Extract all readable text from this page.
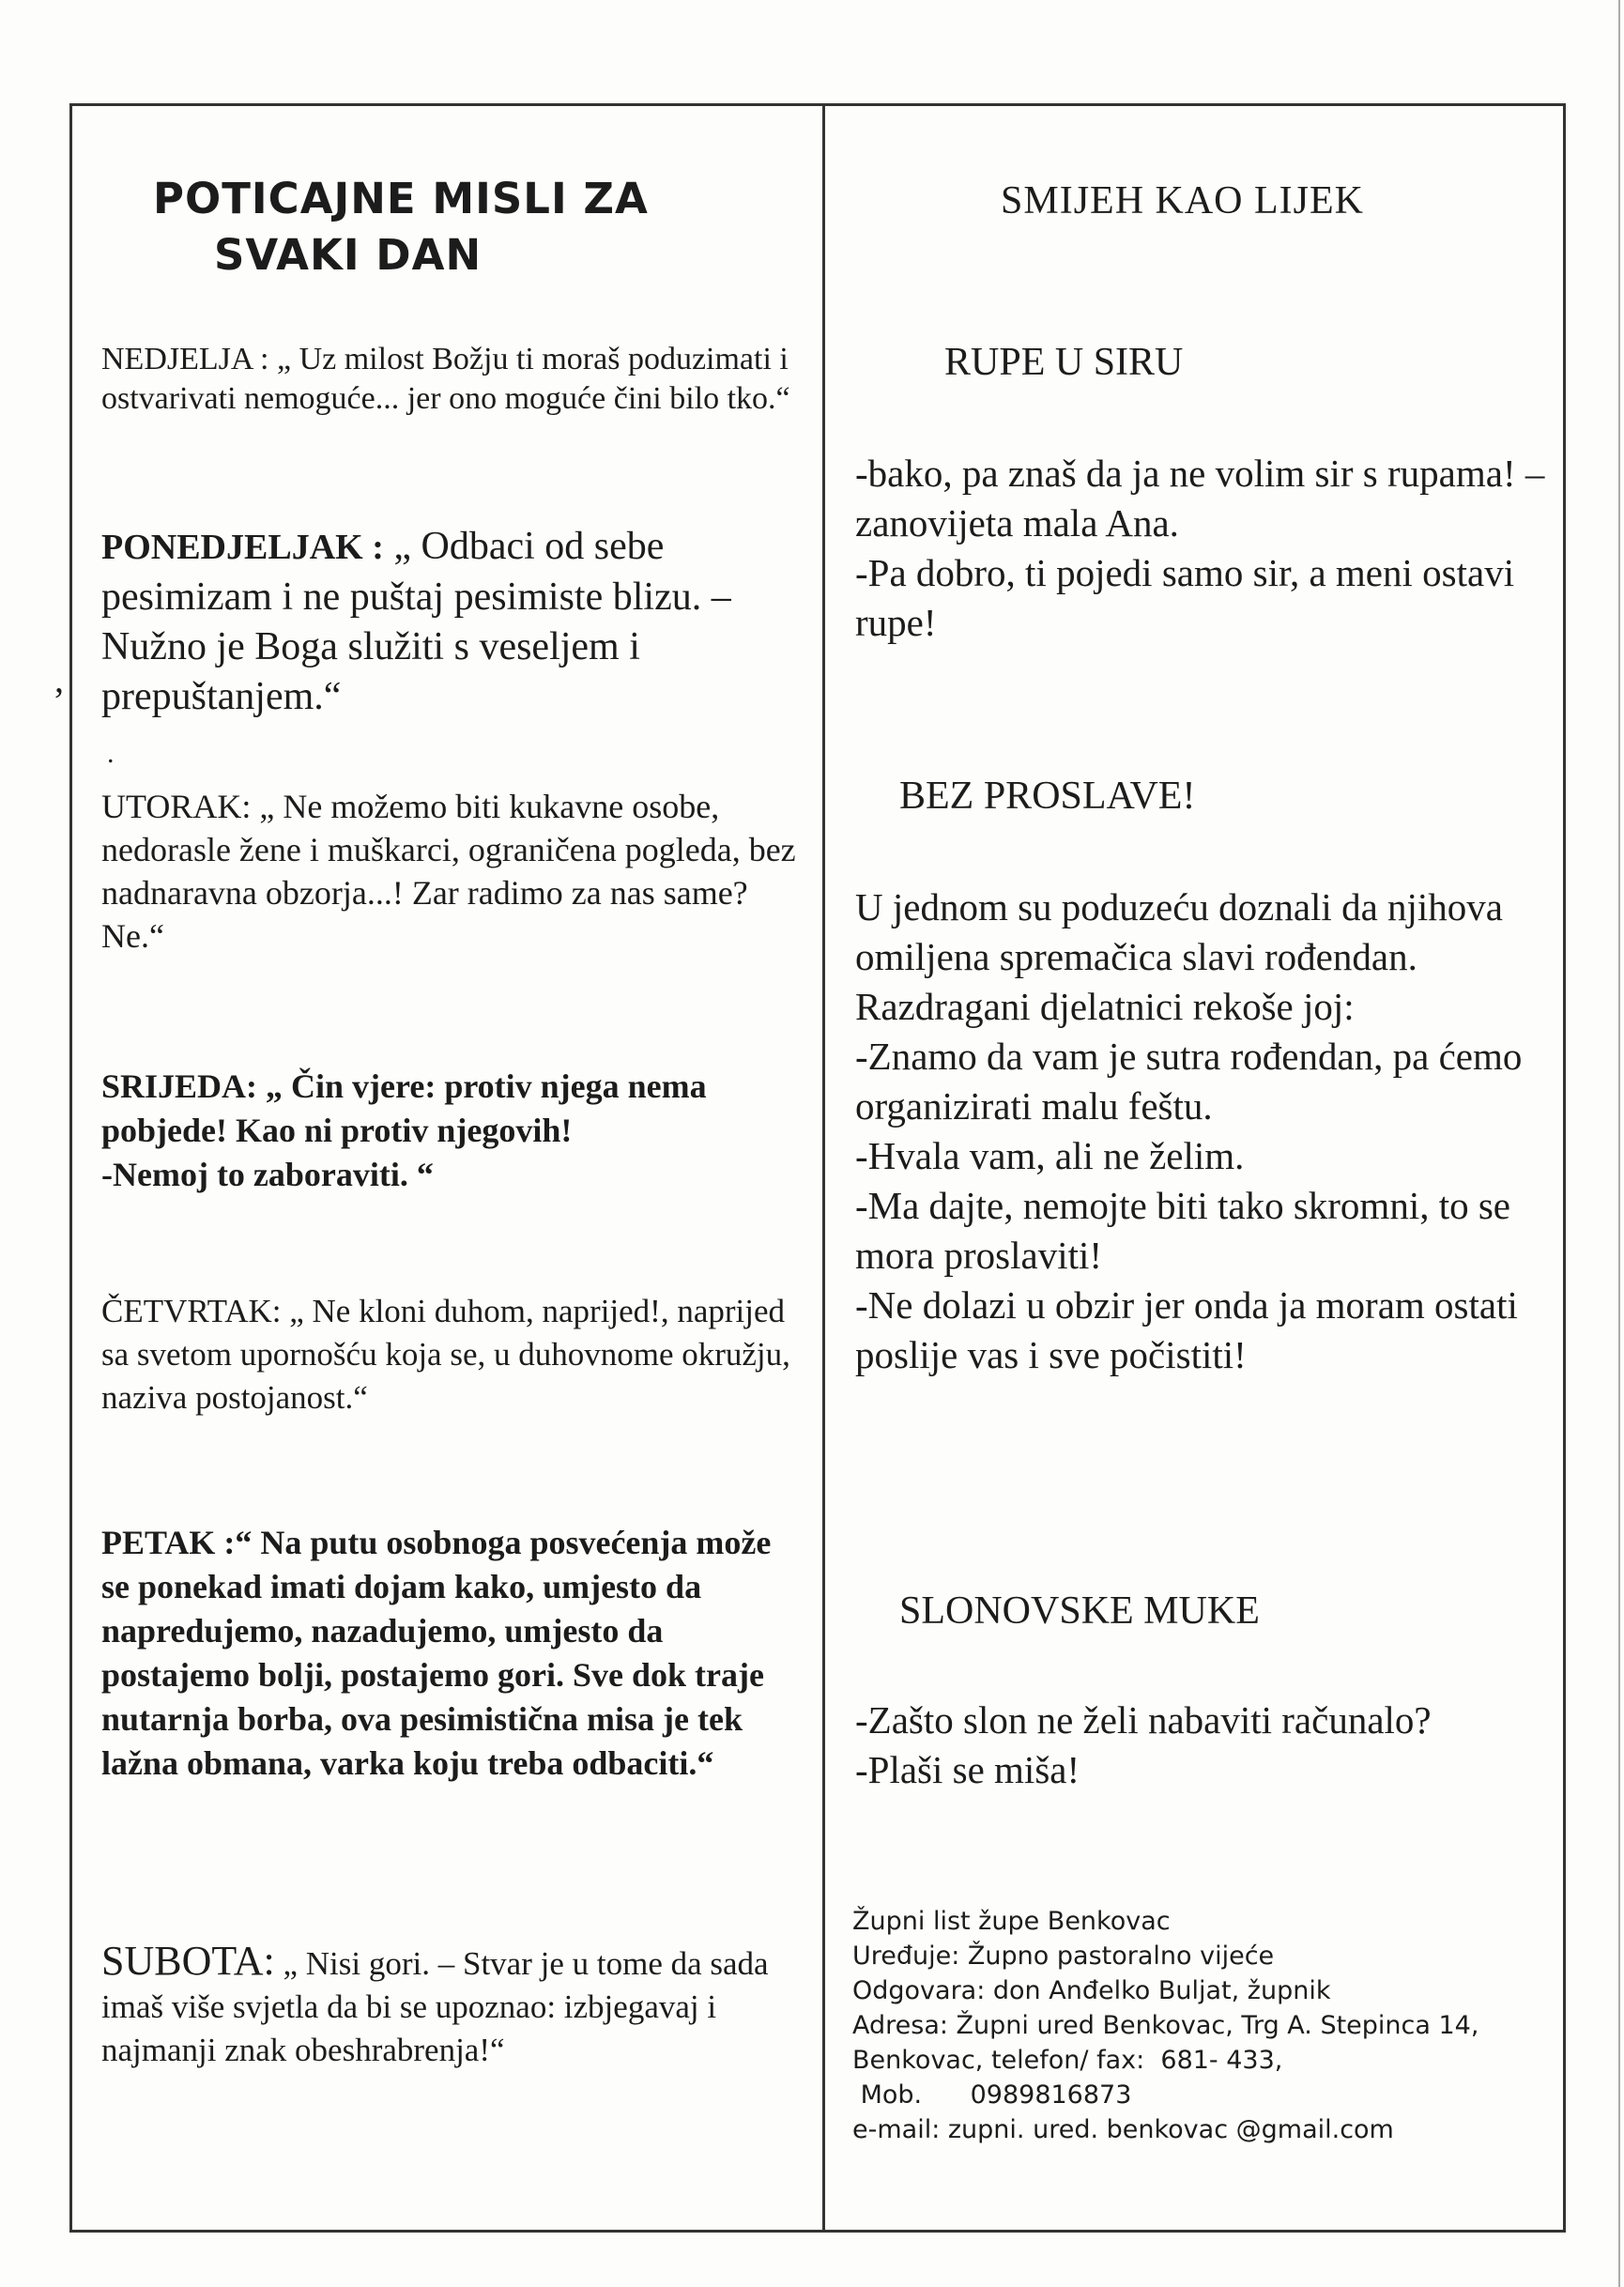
,
POTICAJNE MISLI ZA
SVAKI DAN

NEDJELJA : „ Uz milost Božju ti moraš poduzimati i ostvarivati nemoguće... jer ono moguće čini bilo tko.“

PONEDJELJAK : „ Odbaci od sebe pesimizam i ne puštaj pesimiste blizu. – Nužno je Boga služiti s veseljem i prepuštanjem.“

.

UTORAK: „ Ne možemo biti kukavne osobe, nedorasle žene i muškarci, ograničena pogleda, bez nadnaravna obzorja...! Zar radimo za nas same? Ne.“

SRIJEDA: „ Čin vjere: protiv njega nema pobjede! Kao ni protiv njegovih!
-Nemoj to zaboraviti. “

ČETVRTAK: „ Ne kloni duhom, naprijed!, naprijed sa svetom upornošću koja se, u duhovnome okružju, naziva postojanost.“

PETAK :“ Na putu osobnoga posvećenja može se ponekad imati dojam kako, umjesto da napredujemo, nazadujemo, umjesto da postajemo bolji, postajemo gori. Sve dok traje nutarnja borba, ova pesimistična misa je tek lažna obmana, varka koju treba odbaciti.“

SUBOTA: „ Nisi gori. – Stvar je u tome da sada imaš više svjetla da bi se upoznao: izbjegavaj i najmanji znak obeshrabrenja!“

SMIJEH KAO LIJEK
RUPE U SIRU
-bako, pa znaš da ja ne volim sir s rupama! – zanovijeta mala Ana.
-Pa dobro, ti pojedi samo sir, a meni ostavi rupe!
BEZ PROSLAVE!
U jednom su poduzeću doznali da njihova omiljena spremačica slavi rođendan. Razdragani djelatnici rekoše joj:
-Znamo da vam je sutra rođendan, pa ćemo organizirati malu feštu.
-Hvala vam, ali ne želim.
-Ma dajte, nemojte biti tako skromni, to se mora proslaviti!
-Ne dolazi u obzir jer onda ja moram ostati poslije vas i sve počistiti!
SLONOVSKE MUKE
-Zašto slon ne želi nabaviti računalo?
-Plaši se miša!
Župni list župe Benkovac
Uređuje: Župno pastoralno vijeće
Odgovara: don Anđelko Buljat, župnik
Adresa: Župni ured Benkovac, Trg A. Stepinca 14,
Benkovac, telefon/ fax:  681- 433,
Mob.      0989816873
e-mail: zupni. ured. benkovac @gmail.com
